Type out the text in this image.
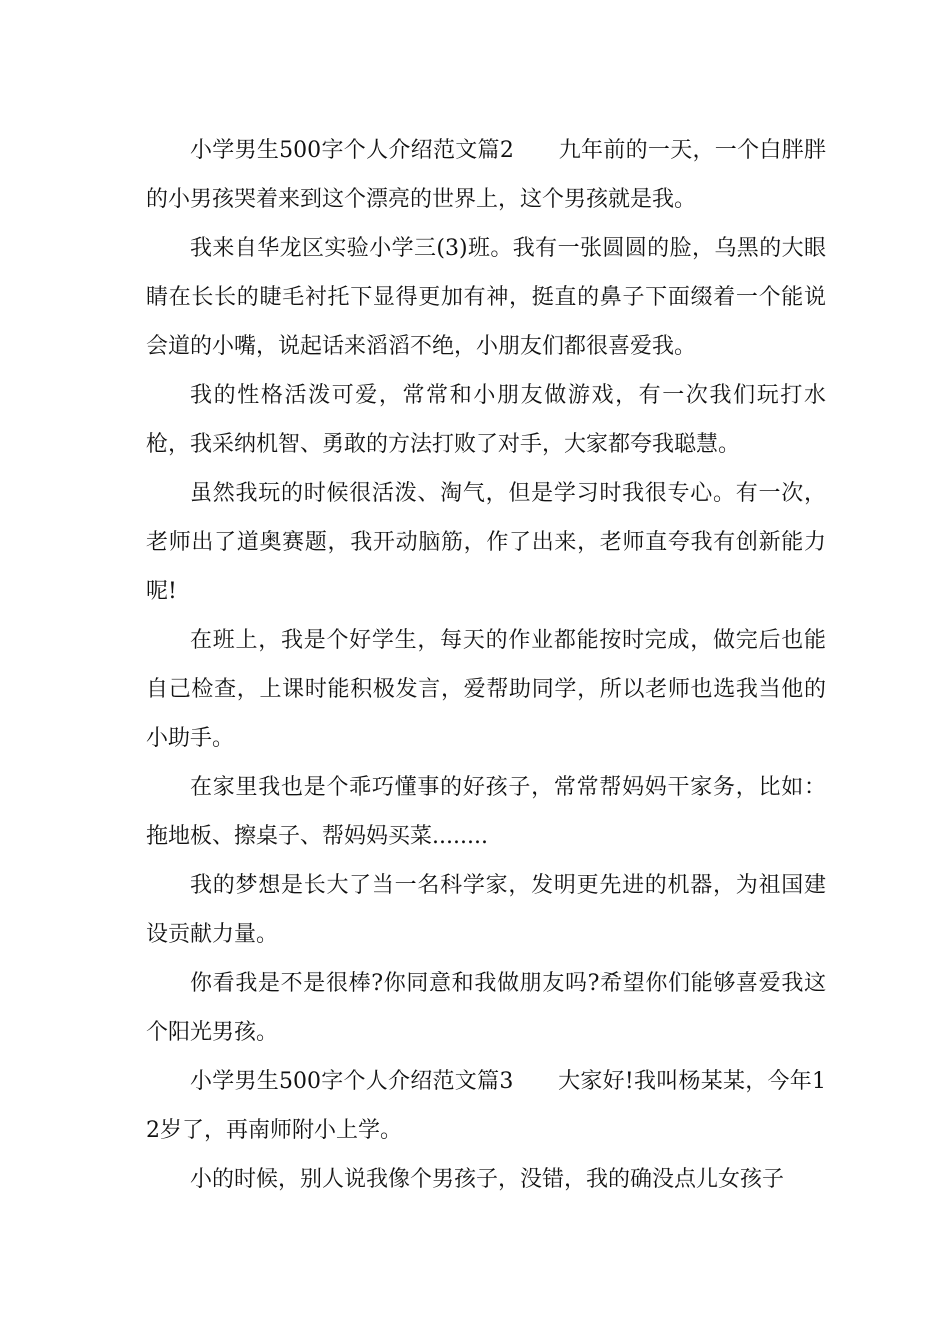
小学男生500字个人介绍范文篇2　　九年前的一天，一个白胖胖的小男孩哭着来到这个漂亮的世界上，这个男孩就是我。

我来自华龙区实验小学三(3)班。我有一张圆圆的脸，乌黑的大眼睛在长长的睫毛衬托下显得更加有神，挺直的鼻子下面缀着一个能说会道的小嘴，说起话来滔滔不绝，小朋友们都很喜爱我。

我的性格活泼可爱，常常和小朋友做游戏，有一次我们玩打水枪，我采纳机智、勇敢的方法打败了对手，大家都夸我聪慧。

虽然我玩的时候很活泼、淘气，但是学习时我很专心。有一次，老师出了道奥赛题，我开动脑筋，作了出来，老师直夸我有创新能力呢!

在班上，我是个好学生，每天的作业都能按时完成，做完后也能自己检查，上课时能积极发言，爱帮助同学，所以老师也选我当他的小助手。

在家里我也是个乖巧懂事的好孩子，常常帮妈妈干家务，比如：拖地板、擦桌子、帮妈妈买菜........

我的梦想是长大了当一名科学家，发明更先进的机器，为祖国建设贡献力量。

你看我是不是很棒?你同意和我做朋友吗?希望你们能够喜爱我这个阳光男孩。

小学男生500字个人介绍范文篇3　　大家好!我叫杨某某，今年12岁了，再南师附小上学。

小的时候，别人说我像个男孩子，没错，我的确没点儿女孩子
